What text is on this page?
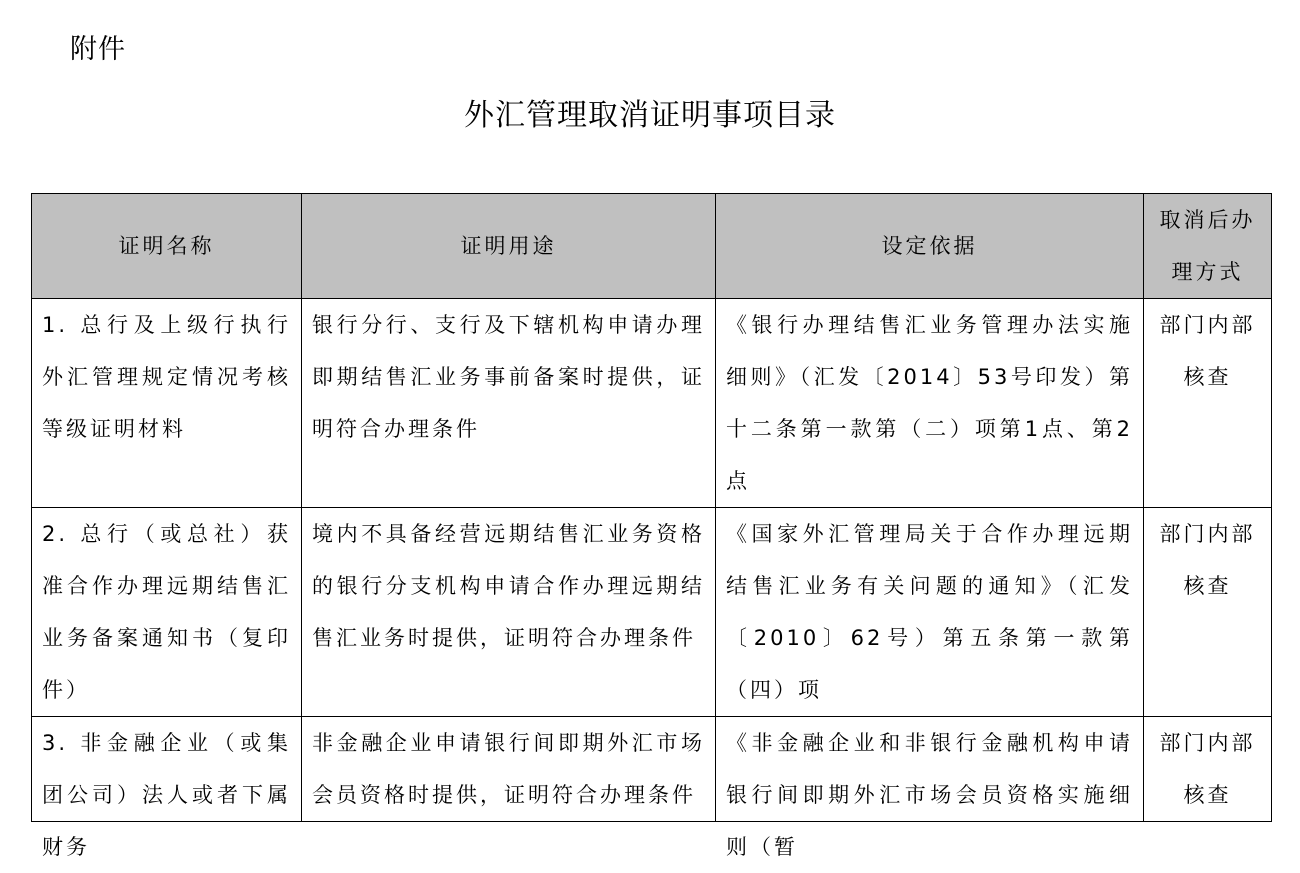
附件
外汇管理取消证明事项目录
证明名称	证明用途	设定依据	取消后办理方式
1. 总行及上级行执行外汇管理规定情况考核等级证明材料	银行分行、支行及下辖机构申请办理即期结售汇业务事前备案时提供，证明符合办理条件	《银行办理结售汇业务管理办法实施细则》（汇发〔2014〕53号印发）第十二条第一款第（二）项第1点、第2点	部门内部核查
2. 总行（或总社）获准合作办理远期结售汇业务备案通知书（复印件）	境内不具备经营远期结售汇业务资格的银行分支机构申请合作办理远期结售汇业务时提供，证明符合办理条件	《国家外汇管理局关于合作办理远期结售汇业务有关问题的通知》（汇发〔2010〕62号）第五条第一款第（四）项	部门内部核查

3. 非金融企业（或集团公司）法人或者下属财务	非金融企业申请银行间即期外汇市场会员资格时提供，证明符合办理条件	《非金融企业和非银行金融机构申请银行间即期外汇市场会员资格实施细则（暂	部门内部核查
